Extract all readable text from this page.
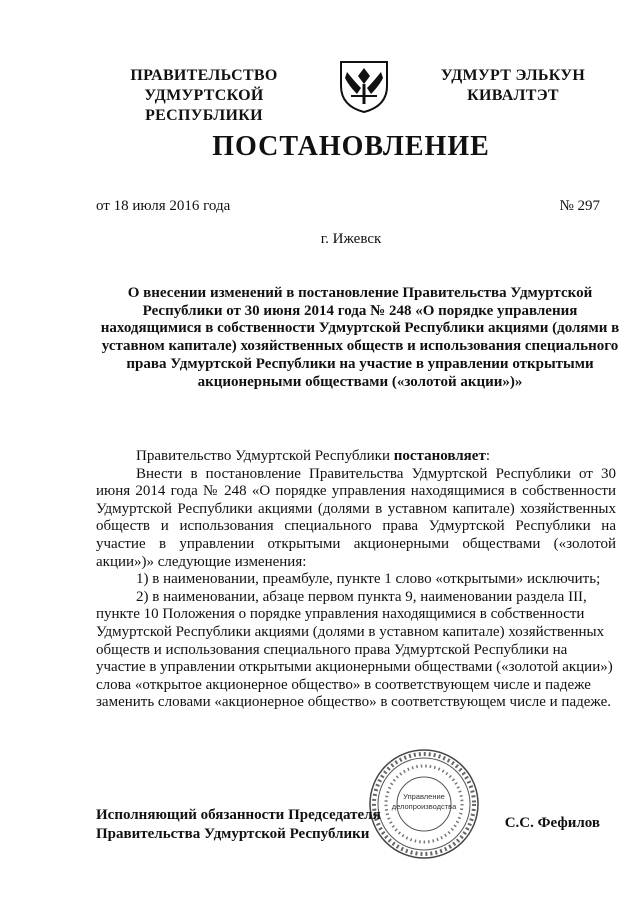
ПРАВИТЕЛЬСТВО
УДМУРТСКОЙ РЕСПУБЛИКИ
УДМУРТ ЭЛЬКУН
КИВАЛТЭТ
ПОСТАНОВЛЕНИЕ
от 18 июля 2016 года	№ 297
г. Ижевск
О внесении изменений в постановление Правительства Удмуртской Республики от 30 июня 2014 года № 248 «О порядке управления находящимися в собственности Удмуртской Республики акциями (долями в уставном капитале) хозяйственных обществ и использования специального права Удмуртской Республики на участие в управлении открытыми акционерными обществами («золотой акции»)»

Правительство Удмуртской Республики постановляет:

Внести в постановление Правительства Удмуртской Республики от 30 июня 2014 года № 248 «О порядке управления находящимися в собственности Удмуртской Республики акциями (долями в уставном капитале) хозяйственных обществ и использования специального права Удмуртской Республики на участие в управлении открытыми акционерными обществами («золотой акции»)» следующие изменения:

1) в наименовании, преамбуле, пункте 1 слово «открытыми» исключить;

2) в наименовании, абзаце первом пункта 9, наименовании раздела III, пункте 10 Положения о порядке управления находящимися в собственности Удмуртской Республики акциями (долями в уставном капитале) хозяйственных обществ и использования специального права Удмуртской Республики на участие в управлении открытыми акционерными обществами («золотой акции») слова «открытое акционерное общество» в соответствующем числе и падеже заменить словами «акционерное общество» в соответствующем числе и падеже.

Управление
делопроизводства
Исполняющий обязанности Председателя
Правительства Удмуртской Республики
С.С. Фефилов
